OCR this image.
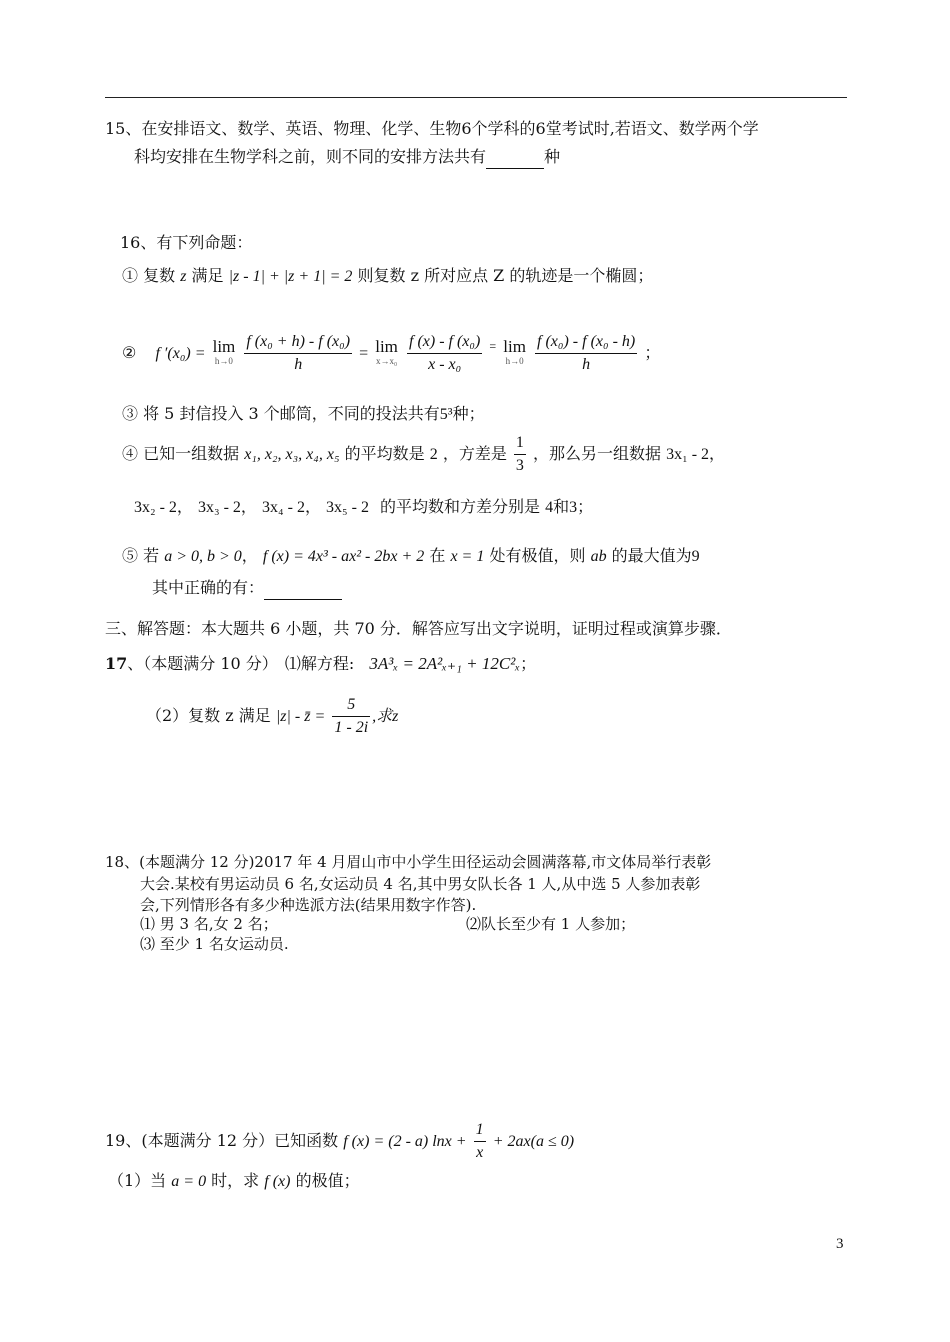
15、在安排语文、数学、英语、物理、化学、生物6个学科的6堂考试时,若语文、数学两个学
科均安排在生物学科之前，则不同的安排方法共有	种
16、有下列命题：
① 复数 z 满足 |z - 1| + |z + 1| = 2 则复数 z 所对应点 Z 的轨迹是一个椭圆；
② f ′(x₀) = lim
h→0
$\frac{\text{f (x₀ + h) - f (x₀)}}{h} = \lim$
x→x₀
$\frac{\text{f (x) - f (x₀)}}{\text{x - x₀}} ^=$ lim
h→0
$\frac{\text{f (x₀) - f (x₀ - h)}}{h}$ ；
③ 将 5 封信投入 3 个邮筒，不同的投法共有5³种；
④ 已知一组数据 x₁, x₂, x₃, x₄, x₅ 的平均数是 2 ，方差是 $\frac{1}{3}$ ，那么另一组数据 3x₁ - 2，
3x₂ - 2， 3x₃ - 2， 3x₄ - 2， 3x₅ - 2 的平均数和方差分别是 4和3；
⑤ 若 a > 0, b > 0， f (x) = 4x³ - ax² - 2bx + 2 在 x = 1 处有极值，则 ab 的最大值为9
其中正确的有：
三、解答题：本大题共 6 小题，共 70 分．解答应写出文字说明，证明过程或演算步骤．
17、（本题满分 10 分） ⑴解方程: 3A³ₓ = 2A²ₓ₊₁ + 12C²ₓ；
（2）复数 z 满足 |z| - z̄ = $\frac{5}{1 - 2i}$ ,求z
18、(本题满分 12 分)2017 年 4 月眉山市中小学生田径运动会圆满落幕,市文体局举行表彰
大会.某校有男运动员 6 名,女运动员 4 名,其中男女队长各 1 人,从中选 5 人参加表彰
会,下列情形各有多少种选派方法(结果用数字作答).
⑴ 男 3 名,女 2 名；	⑵队长至少有 1 人参加；
⑶ 至少 1 名女运动员.
19、(本题满分 12 分）已知函数 f (x) = (2 - a) $\ln x + \frac{1}{x} + 2ax(a \le 0)$
（1）当 a = 0 时，求 f (x) 的极值；
3
